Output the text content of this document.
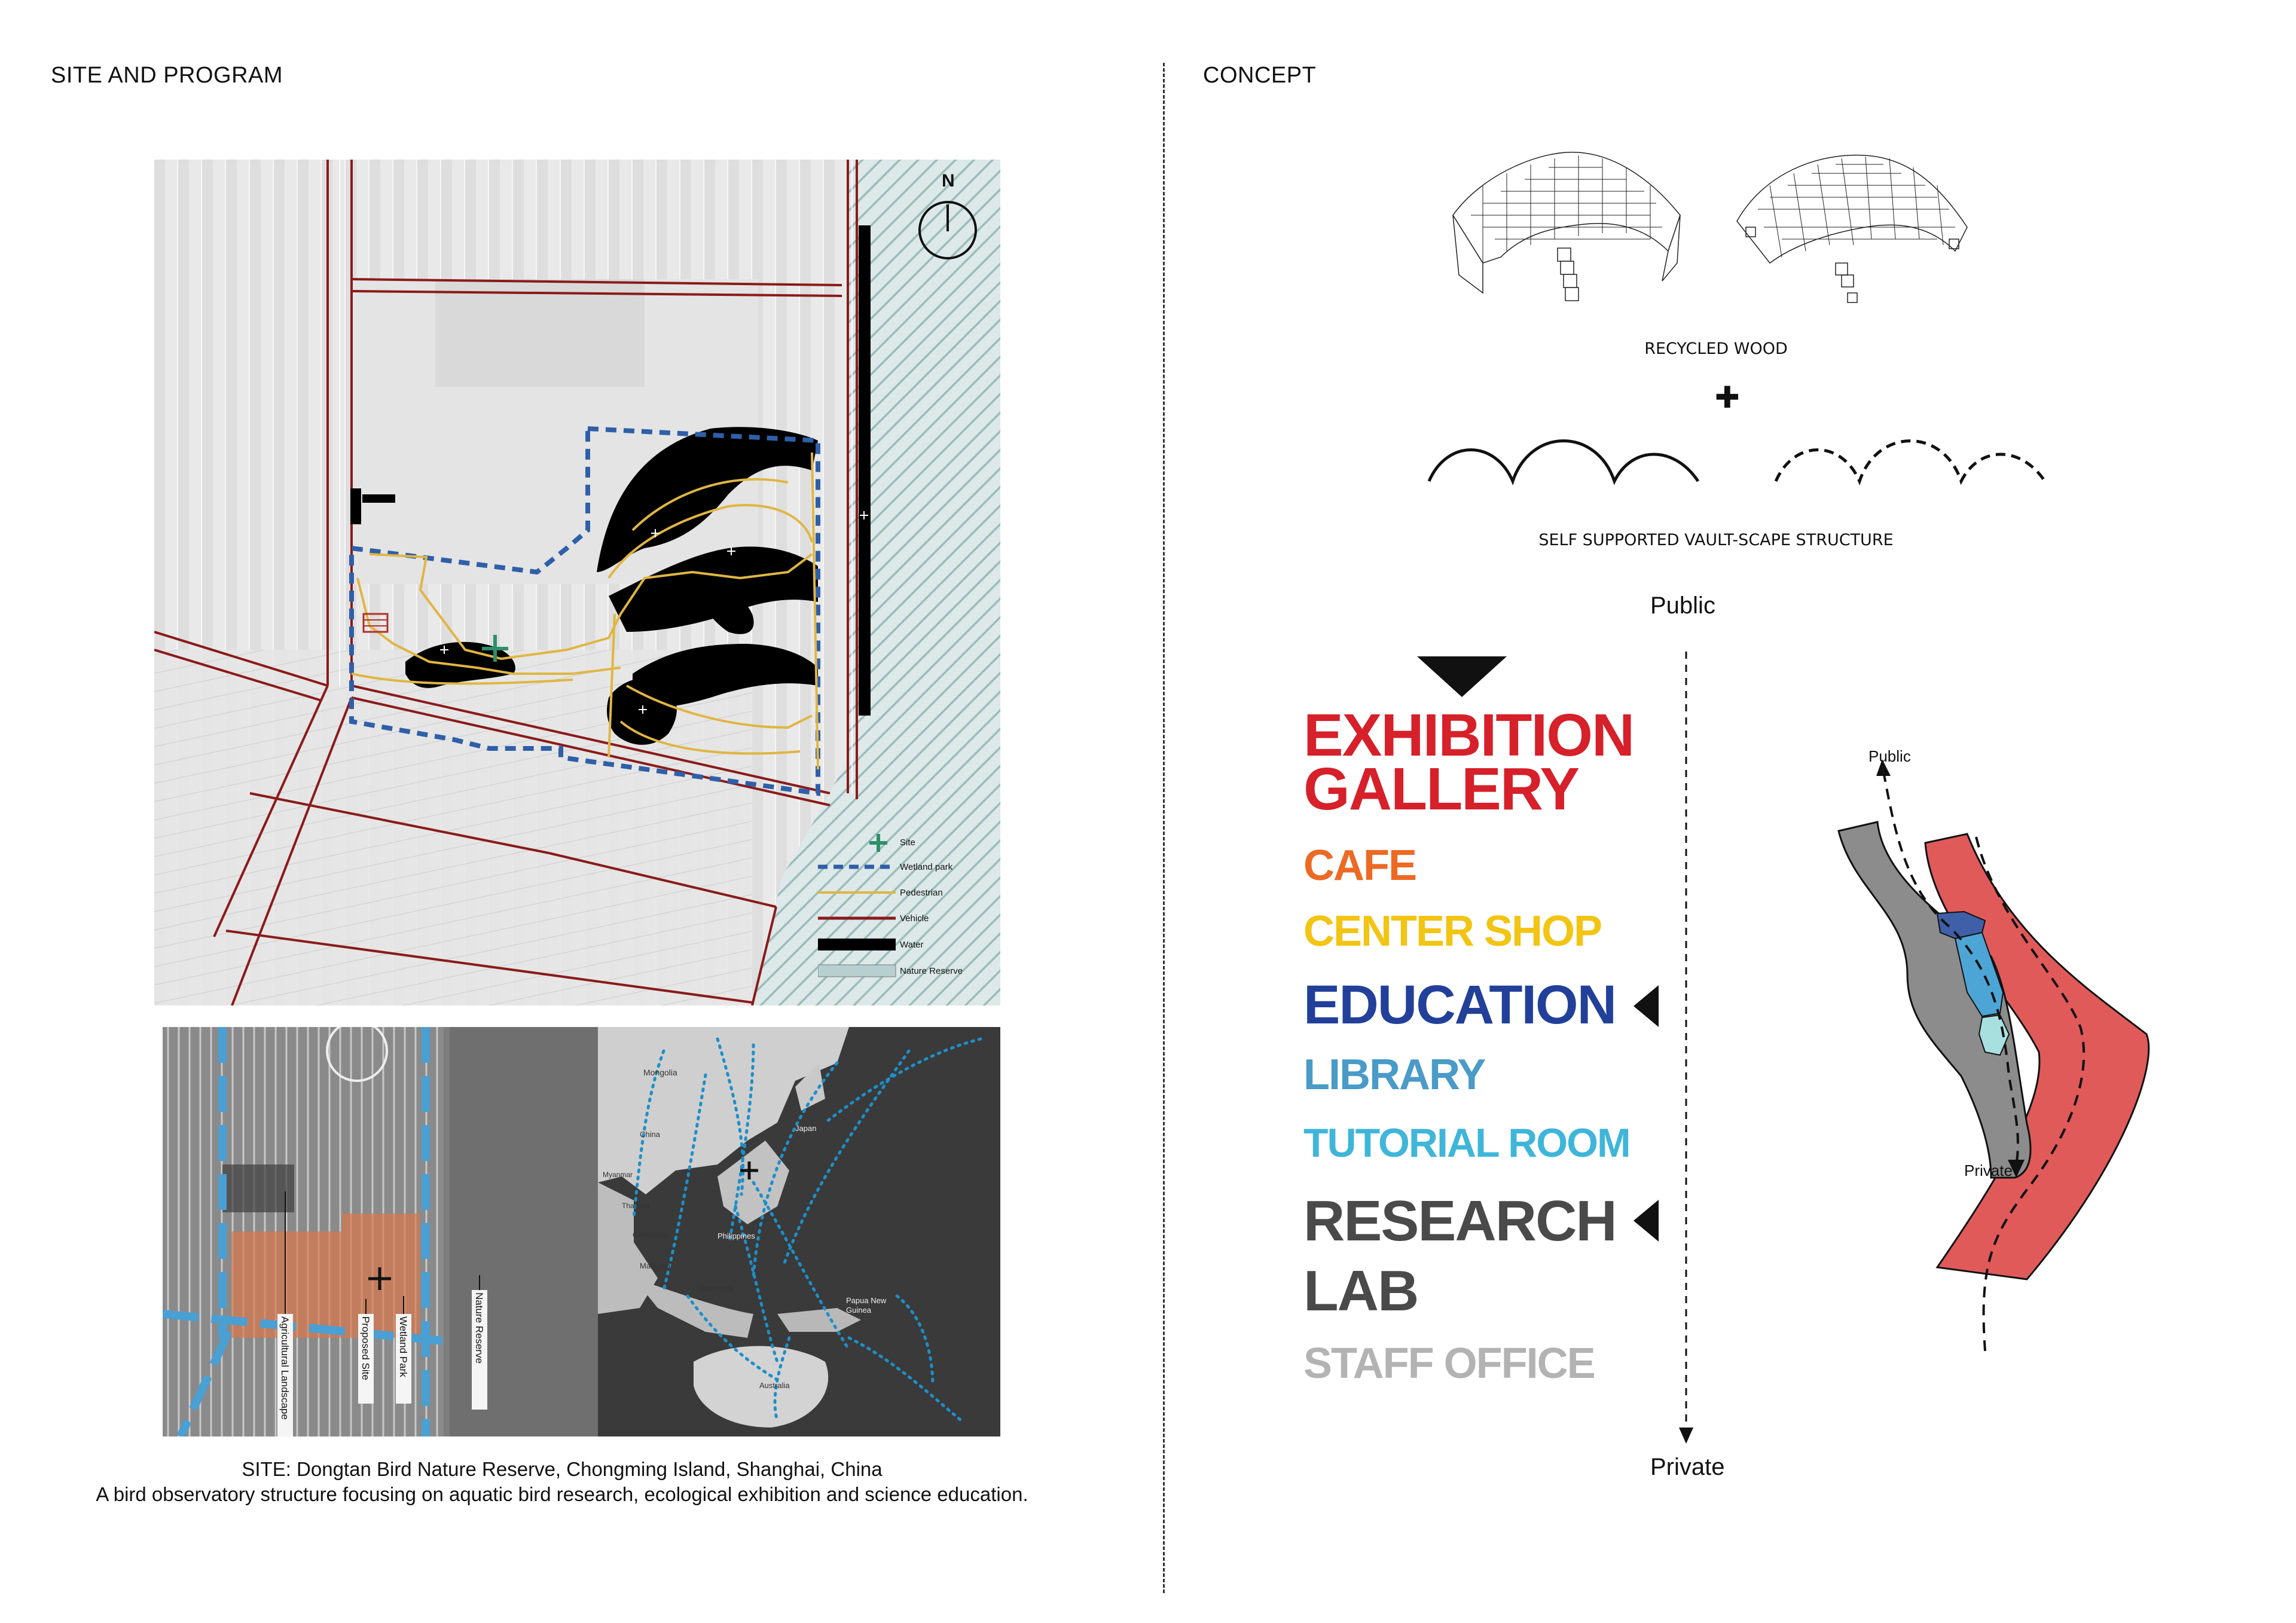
SITE AND PROGRAM
N
Site
Wetland park
Pedestrian
Vehicle
Water
Nature Reserve
Agricultural Landscape	Proposed Site	Wetland Park	Nature Reserve
Mongolia
China
Japan
Myanmar
Thailand
Cambodia	Philippines
Malaysia
Indonesia
Papua New Guinea
Australia
SITE: Dongtan Bird Nature Reserve, Chongming Island, Shanghai, China
A bird observatory structure focusing on aquatic bird research, ecological exhibition and science education.
CONCEPT
RECYCLED WOOD
✚
SELF SUPPORTED VAULT-SCAPE STRUCTURE
Public
Private
EXHIBITION
GALLERY
CAFE
CENTER SHOP
EDUCATION
LIBRARY
TUTORIAL ROOM
RESEARCH
LAB
STAFF OFFICE
Public
Private
